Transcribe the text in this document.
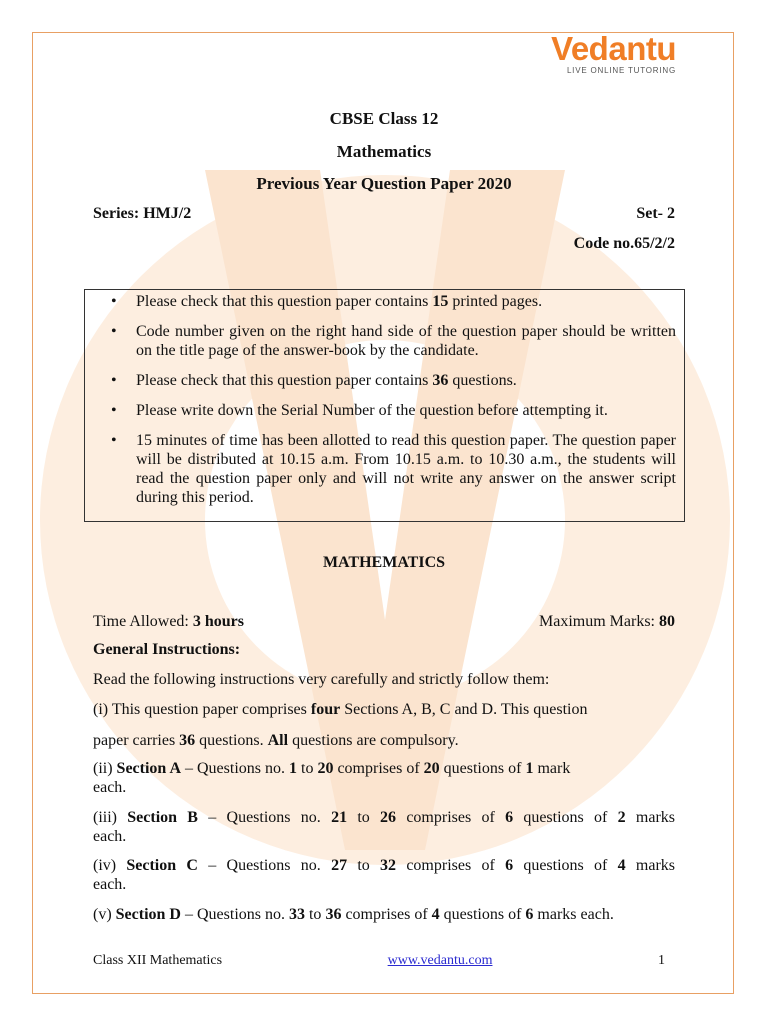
Vedantu
LIVE ONLINE TUTORING
CBSE Class 12
Mathematics
Previous Year Question Paper 2020
Series: HMJ/2	Set- 2
Code no.65/2/2
• Please check that this question paper contains 15 printed pages.
• Code number given on the right hand side of the question paper should be written on the title page of the answer-book by the candidate.
• Please check that this question paper contains 36 questions.
• Please write down the Serial Number of the question before attempting it.
• 15 minutes of time has been allotted to read this question paper. The question paper will be distributed at 10.15 a.m. From 10.15 a.m. to 10.30 a.m., the students will read the question paper only and will not write any answer on the answer script during this period.
MATHEMATICS
Time Allowed: 3 hours	Maximum Marks: 80
General Instructions:
Read the following instructions very carefully and strictly follow them:
(i) This question paper comprises four Sections A, B, C and D. This question
paper carries 36 questions. All questions are compulsory.
(ii) Section A – Questions no. 1 to 20 comprises of 20 questions of 1 mark
each.
(iii) Section B – Questions no. 21 to 26 comprises of 6 questions of 2 marks
each.
(iv) Section C – Questions no. 27 to 32 comprises of 6 questions of 4 marks
each.
(v) Section D – Questions no. 33 to 36 comprises of 4 questions of 6 marks each.
Class XII Mathematics	www.vedantu.com	1
